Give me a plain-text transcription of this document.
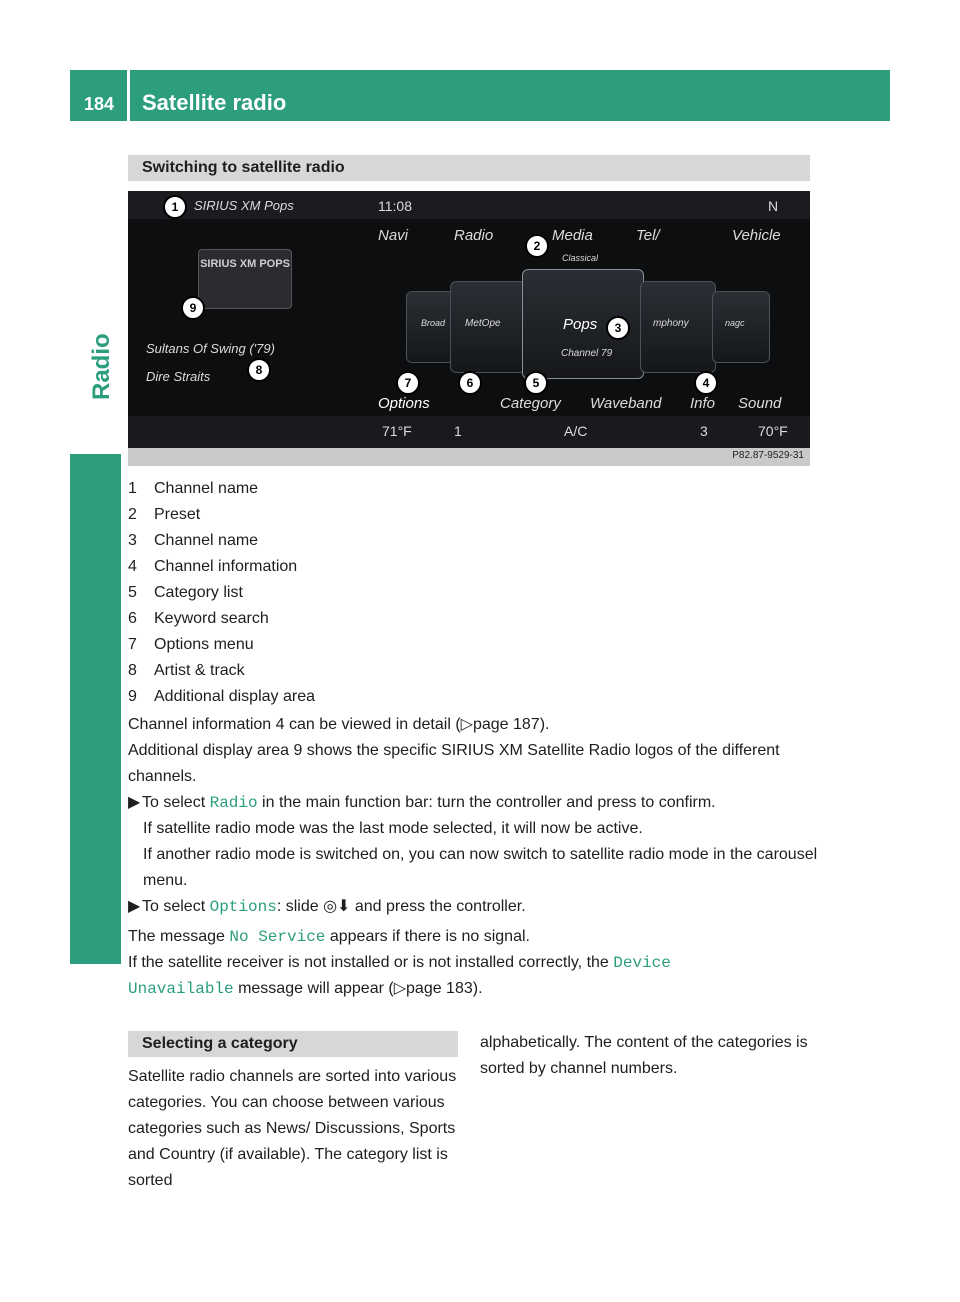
184 Satellite radio
Radio
Switching to satellite radio
SIRIUS XM Pops	11:08	N
Navi	Radio	Media	Tel/	Vehicle
SIRIUS XM POPS	Classical
Broad MetOpe	Pops
Channel 79
mphony	nagc
Sultans Of Swing ('79)
Dire Straits
Options	Category Waveband Info Sound
71°F	1	A/C	3	70°F
P82.87-9529-31
1
2
3
4
5
6
7
8
9
1 Channel name
2 Preset
3 Channel name
4 Channel information
5 Category list
6 Keyword search
7 Options menu
8 Artist & track
9 Additional display area
Channel information 4 can be viewed in detail (▷page 187).
Additional display area 9 shows the specific SIRIUS XM Satellite Radio logos of the different channels.
▶ To select Radio in the main function bar: turn the controller and press to confirm.
If satellite radio mode was the last mode selected, it will now be active.
If another radio mode is switched on, you can now switch to satellite radio mode in the carousel menu.
▶ To select Options: slide ◎⬇ and press the controller.
The message No Service appears if there is no signal.
If the satellite receiver is not installed or is not installed correctly, the Device
Unavailable message will appear (▷page 183).
Selecting a category
Satellite radio channels are sorted into various categories. You can choose between various categories such as News/ Discussions, Sports and Country (if available). The category list is sorted
alphabetically. The content of the categories is sorted by channel numbers.
